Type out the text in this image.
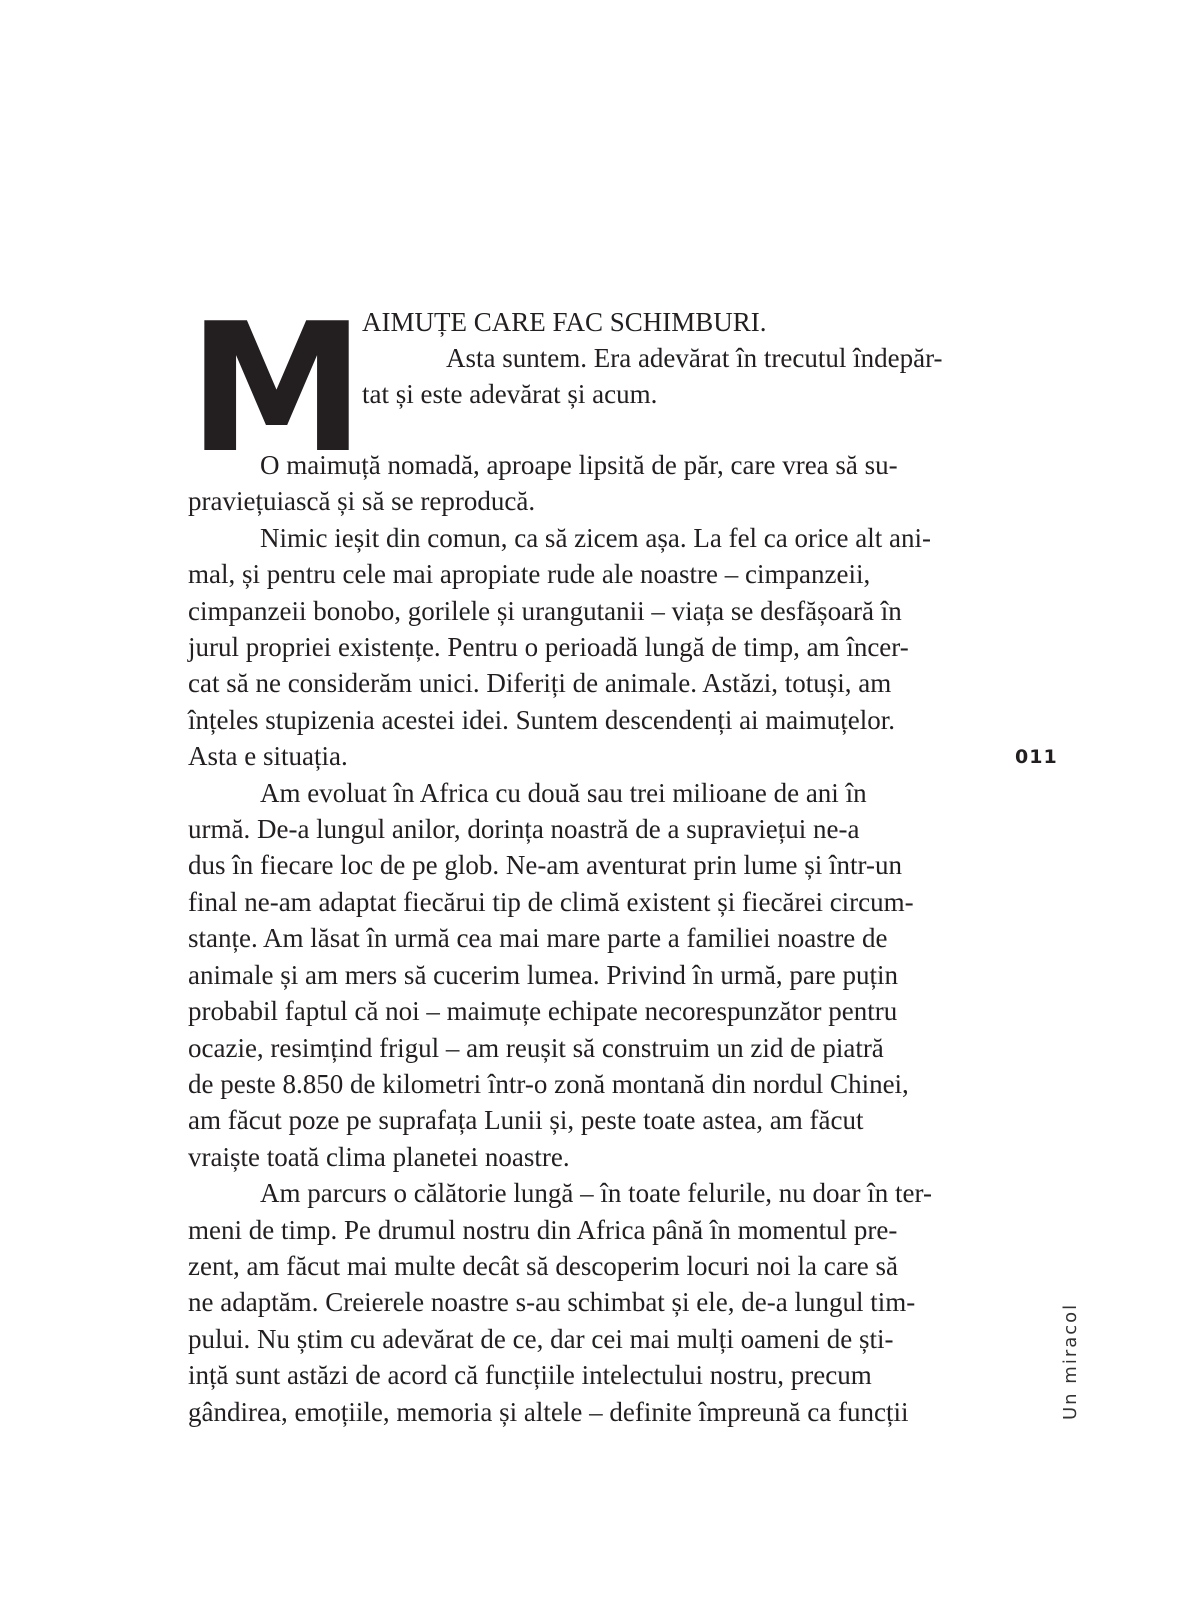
M AIMUȚE CARE FAC SCHIMBURI.
Asta suntem. Era adevărat în trecutul îndepăr-
tat și este adevărat și acum.
O maimuță nomadă, aproape lipsită de păr, care vrea să su-
praviețuiască și să se reproducă.
Nimic ieșit din comun, ca să zicem așa. La fel ca orice alt ani-
mal, și pentru cele mai apropiate rude ale noastre – cimpanzeii,
cimpanzeii bonobo, gorilele și urangutanii – viața se desfășoară în
jurul propriei existențe. Pentru o perioadă lungă de timp, am încer-
cat să ne considerăm unici. Diferiți de animale. Astăzi, totuși, am
înțeles stupizenia acestei idei. Suntem descendenți ai maimuțelor.
Asta e situația.
Am evoluat în Africa cu două sau trei milioane de ani în
urmă. De-a lungul anilor, dorința noastră de a supraviețui ne-a
dus în fiecare loc de pe glob. Ne-am aventurat prin lume și într-un
final ne-am adaptat fiecărui tip de climă existent și fiecărei circum-
stanțe. Am lăsat în urmă cea mai mare parte a familiei noastre de
animale și am mers să cucerim lumea. Privind în urmă, pare puțin
probabil faptul că noi – maimuțe echipate necorespunzător pentru
ocazie, resimțind frigul – am reușit să construim un zid de piatră
de peste 8.850 de kilometri într-o zonă montană din nordul Chinei,
am făcut poze pe suprafața Lunii și, peste toate astea, am făcut
vraiște toată clima planetei noastre.
Am parcurs o călătorie lungă – în toate felurile, nu doar în ter-
meni de timp. Pe drumul nostru din Africa până în momentul pre-
zent, am făcut mai multe decât să descoperim locuri noi la care să
ne adaptăm. Creierele noastre s-au schimbat și ele, de-a lungul tim-
pului. Nu știm cu adevărat de ce, dar cei mai mulți oameni de ști-
ință sunt astăzi de acord că funcțiile intelectului nostru, precum
gândirea, emoțiile, memoria și altele – definite împreună ca funcții
011
Un miracol
